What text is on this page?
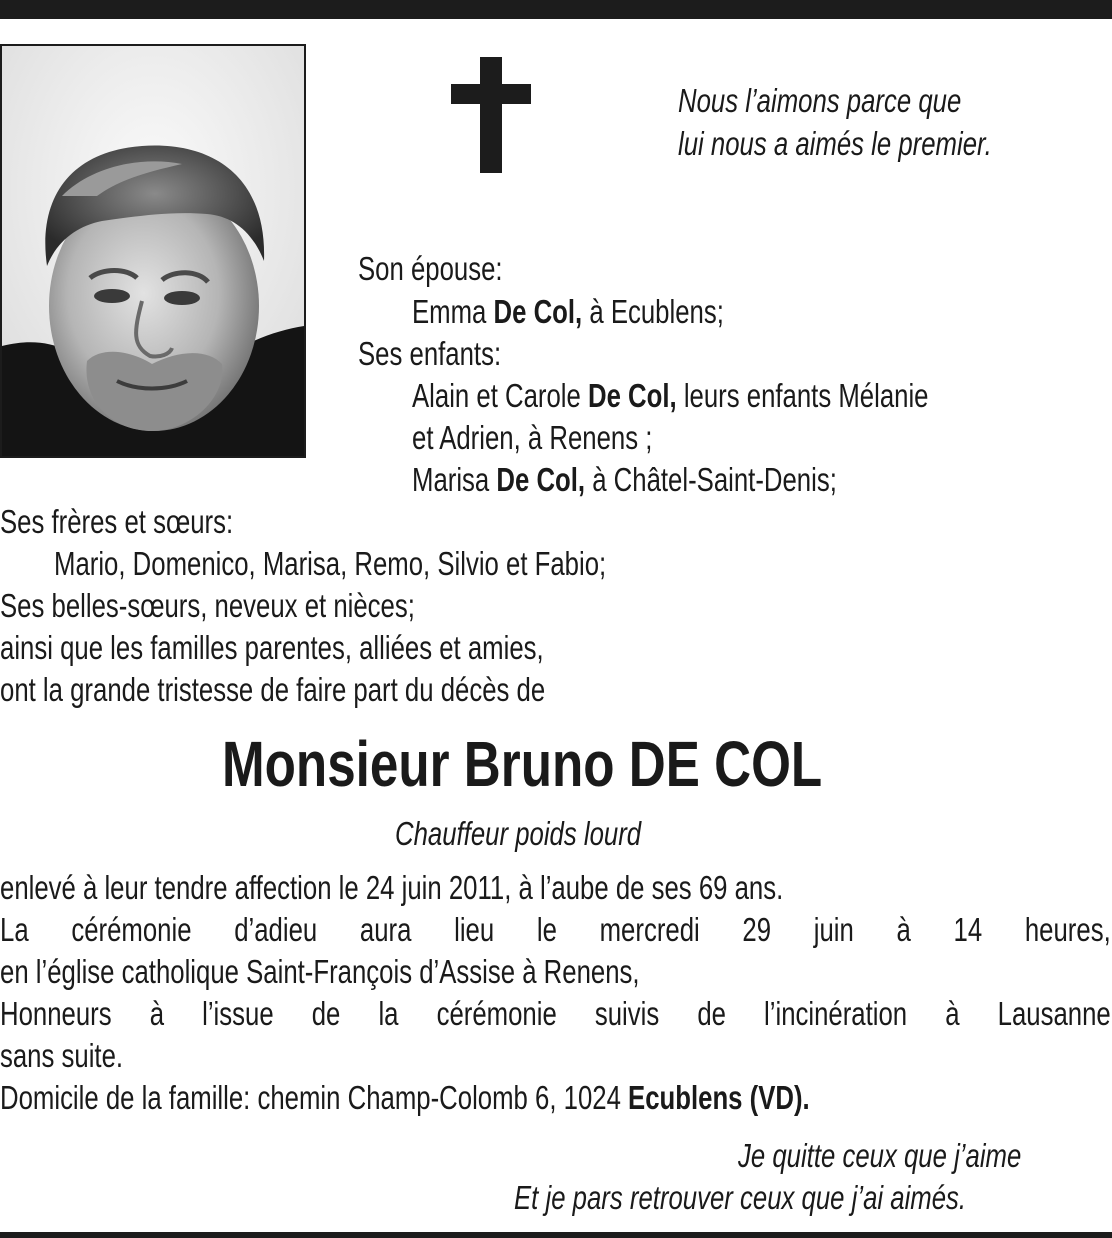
Nous l’aimons parce que

lui nous a aimés le premier.

Son épouse:

Emma De Col, à Ecublens;

Ses enfants:

Alain et Carole De Col, leurs enfants Mélanie

et Adrien, à Renens ;

Marisa De Col, à Châtel-Saint-Denis;

Ses frères et sœurs:

Mario, Domenico, Marisa, Remo, Silvio et Fabio;

Ses belles-sœurs, neveux et nièces;

ainsi que les familles parentes, alliées et amies,

ont la grande tristesse de faire part du décès de

Monsieur Bruno DE COL

Chauffeur poids lourd

enlevé à leur tendre affection le 24 juin 2011, à l’aube de ses 69 ans.

La cérémonie d’adieu aura lieu le mercredi 29 juin à 14 heures,

en l’église catholique Saint-François d’Assise à Renens,

Honneurs à l’issue de la cérémonie suivis de l’incinération à Lausanne

sans suite.

Domicile de la famille: chemin Champ-Colomb 6, 1024 Ecublens (VD).

Je quitte ceux que j’aime

Et je pars retrouver ceux que j’ai aimés.
